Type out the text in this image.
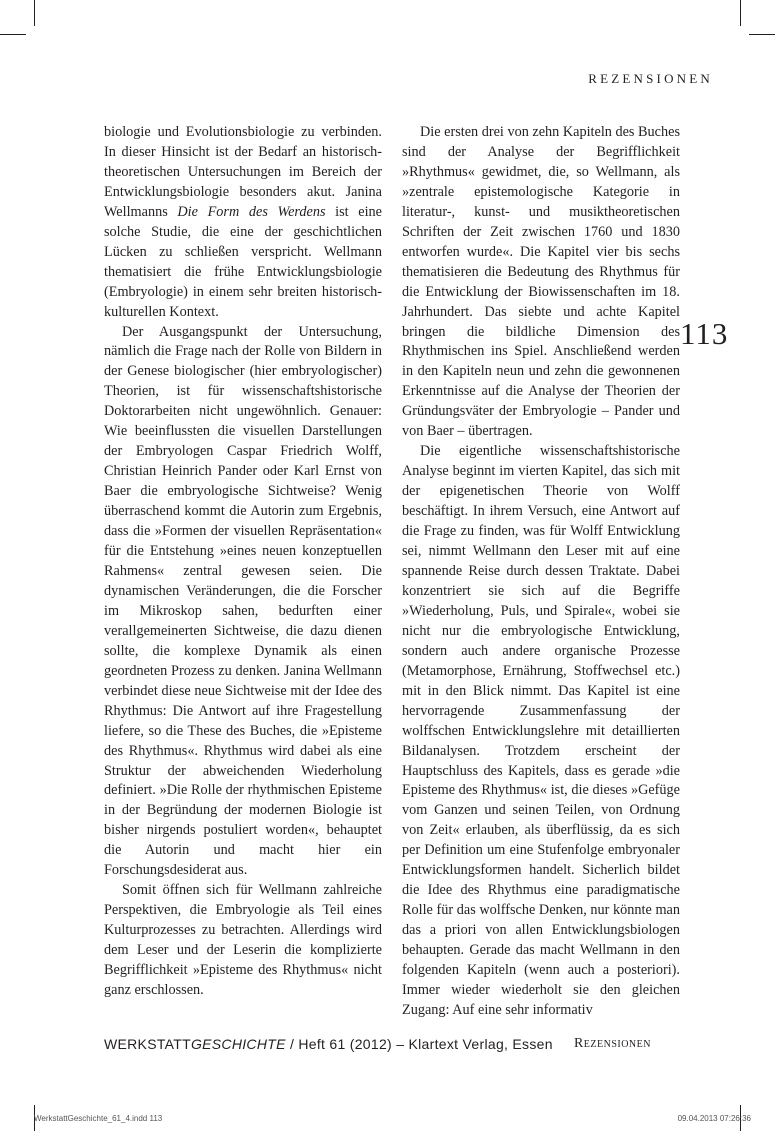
REZENSIONEN
113

biologie und Evolutionsbiologie zu verbinden. In dieser Hinsicht ist der Bedarf an historisch-theoretischen Untersuchungen im Bereich der Entwicklungsbiologie besonders akut. Janina Wellmanns Die Form des Werdens ist eine solche Studie, die eine der geschichtlichen Lücken zu schließen verspricht. Wellmann thematisiert die frühe Entwicklungsbiologie (Embryologie) in einem sehr breiten historisch-kulturellen Kontext.

Der Ausgangspunkt der Untersuchung, nämlich die Frage nach der Rolle von Bildern in der Genese biologischer (hier embryologischer) Theorien, ist für wissenschaftshistorische Doktorarbeiten nicht ungewöhnlich. Genauer: Wie beeinflussten die visuellen Darstellungen der Embryologen Caspar Friedrich Wolff, Christian Heinrich Pander oder Karl Ernst von Baer die embryologische Sichtweise? Wenig überraschend kommt die Autorin zum Ergebnis, dass die »Formen der visuellen Repräsentation« für die Entstehung »eines neuen konzeptuellen Rahmens« zentral gewesen seien. Die dynamischen Veränderungen, die die Forscher im Mikroskop sahen, bedurften einer verallgemeinerten Sichtweise, die dazu dienen sollte, die komplexe Dynamik als einen geordneten Prozess zu denken. Janina Wellmann verbindet diese neue Sichtweise mit der Idee des Rhythmus: Die Antwort auf ihre Fragestellung liefere, so die These des Buches, die »Episteme des Rhythmus«. Rhythmus wird dabei als eine Struktur der abweichenden Wiederholung definiert. »Die Rolle der rhythmischen Episteme in der Begründung der modernen Biologie ist bisher nirgends postuliert worden«, behauptet die Autorin und macht hier ein Forschungsdesiderat aus.

Somit öffnen sich für Wellmann zahlreiche Perspektiven, die Embryologie als Teil eines Kulturprozesses zu betrachten. Allerdings wird dem Leser und der Leserin die komplizierte Begrifflichkeit »Episteme des Rhythmus« nicht ganz erschlossen.

Die ersten drei von zehn Kapiteln des Buches sind der Analyse der Begrifflichkeit »Rhythmus« gewidmet, die, so Wellmann, als »zentrale epistemologische Kategorie in literatur-, kunst- und musiktheoretischen Schriften der Zeit zwischen 1760 und 1830 entworfen wurde«. Die Kapitel vier bis sechs thematisieren die Bedeutung des Rhythmus für die Entwicklung der Biowissenschaften im 18. Jahrhundert. Das siebte und achte Kapitel bringen die bildliche Dimension des Rhythmischen ins Spiel. Anschließend werden in den Kapiteln neun und zehn die gewonnenen Erkenntnisse auf die Analyse der Theorien der Gründungsväter der Embryologie – Pander und von Baer – übertragen.

Die eigentliche wissenschaftshistorische Analyse beginnt im vierten Kapitel, das sich mit der epigenetischen Theorie von Wolff beschäftigt. In ihrem Versuch, eine Antwort auf die Frage zu finden, was für Wolff Entwicklung sei, nimmt Wellmann den Leser mit auf eine spannende Reise durch dessen Traktate. Dabei konzentriert sie sich auf die Begriffe »Wiederholung, Puls, und Spirale«, wobei sie nicht nur die embryologische Entwicklung, sondern auch andere organische Prozesse (Metamorphose, Ernährung, Stoffwechsel etc.) mit in den Blick nimmt. Das Kapitel ist eine hervorragende Zusammenfassung der wolffschen Entwicklungslehre mit detaillierten Bildanalysen. Trotzdem erscheint der Hauptschluss des Kapitels, dass es gerade »die Episteme des Rhythmus« ist, die dieses »Gefüge vom Ganzen und seinen Teilen, von Ordnung von Zeit« erlauben, als überflüssig, da es sich per Definition um eine Stufenfolge embryonaler Entwicklungsformen handelt. Sicherlich bildet die Idee des Rhythmus eine paradigmatische Rolle für das wolffsche Denken, nur könnte man das a priori von allen Entwicklungsbiologen behaupten. Gerade das macht Wellmann in den folgenden Kapiteln (wenn auch a posteriori). Immer wieder wiederholt sie den gleichen Zugang: Auf eine sehr informativ

WERKSTATTGESCHICHTE / Heft 61 (2012) – Klartext Verlag, Essen Rezensionen
WerkstattGeschichte_61_4.indd 113	09.04.2013 07:26:36
